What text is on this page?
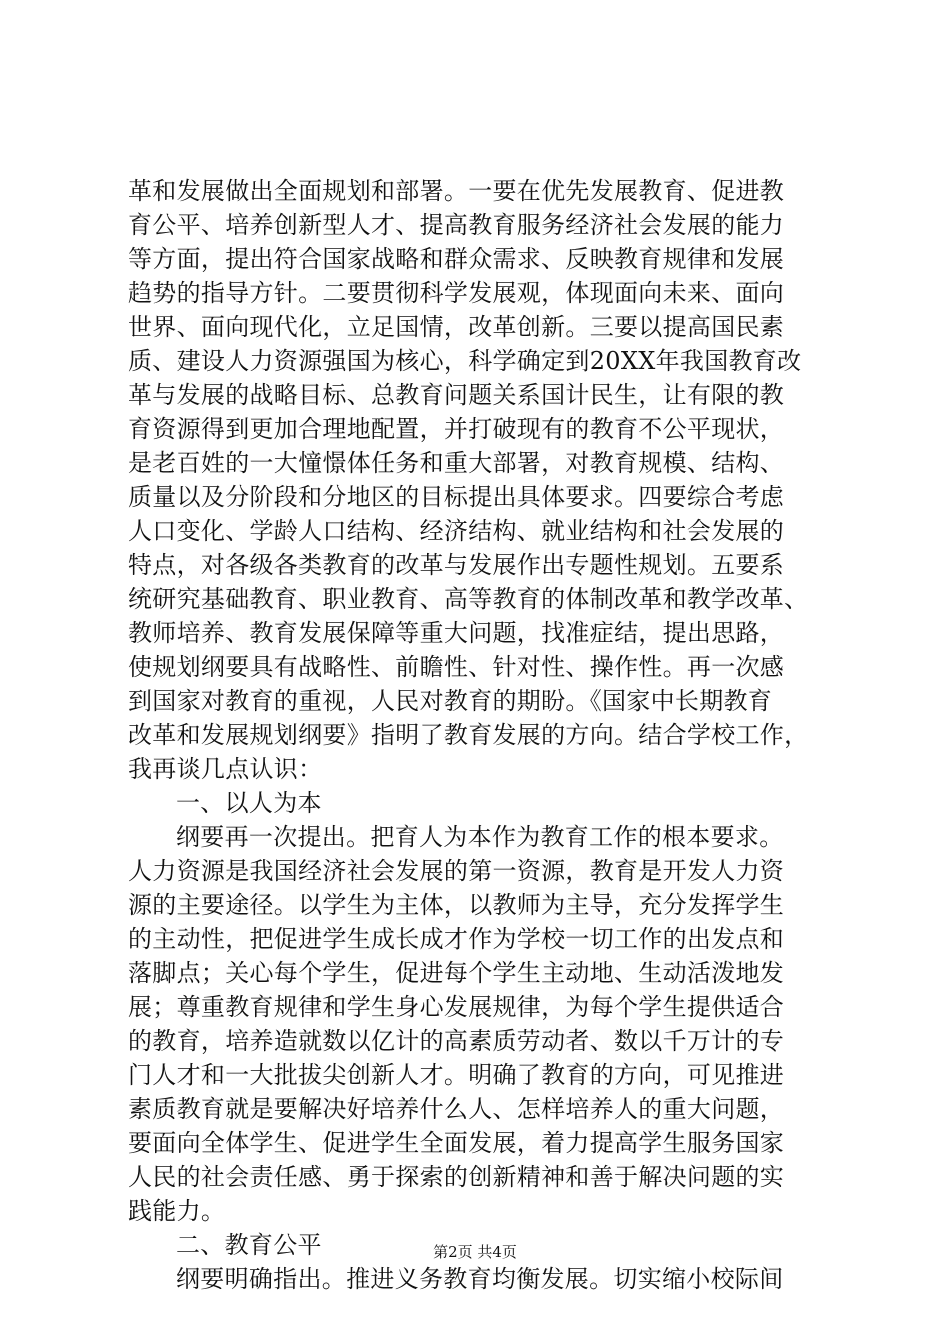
革和发展做出全面规划和部署。一要在优先发展教育、促进教
育公平、培养创新型人才、提高教育服务经济社会发展的能力
等方面，提出符合国家战略和群众需求、反映教育规律和发展
趋势的指导方针。二要贯彻科学发展观，体现面向未来、面向
世界、面向现代化，立足国情，改革创新。三要以提高国民素
质、建设人力资源强国为核心，科学确定到20XX年我国教育改
革与发展的战略目标、总教育问题关系国计民生，让有限的教
育资源得到更加合理地配置，并打破现有的教育不公平现状，
是老百姓的一大憧憬体任务和重大部署，对教育规模、结构、
质量以及分阶段和分地区的目标提出具体要求。四要综合考虑
人口变化、学龄人口结构、经济结构、就业结构和社会发展的
特点，对各级各类教育的改革与发展作出专题性规划。五要系
统研究基础教育、职业教育、高等教育的体制改革和教学改革、
教师培养、教育发展保障等重大问题，找准症结，提出思路，
使规划纲要具有战略性、前瞻性、针对性、操作性。再一次感
到国家对教育的重视，人民对教育的期盼。《国家中长期教育
改革和发展规划纲要》指明了教育发展的方向。结合学校工作，
我再谈几点认识：
一、以人为本
纲要再一次提出。把育人为本作为教育工作的根本要求。
人力资源是我国经济社会发展的第一资源，教育是开发人力资
源的主要途径。以学生为主体，以教师为主导，充分发挥学生
的主动性，把促进学生成长成才作为学校一切工作的出发点和
落脚点；关心每个学生，促进每个学生主动地、生动活泼地发
展；尊重教育规律和学生身心发展规律，为每个学生提供适合
的教育，培养造就数以亿计的高素质劳动者、数以千万计的专
门人才和一大批拔尖创新人才。明确了教育的方向，可见推进
素质教育就是要解决好培养什么人、怎样培养人的重大问题，
要面向全体学生、促进学生全面发展，着力提高学生服务国家
人民的社会责任感、勇于探索的创新精神和善于解决问题的实
践能力。
二、教育公平
纲要明确指出。推进义务教育均衡发展。切实缩小校际间
第2页 共4页
